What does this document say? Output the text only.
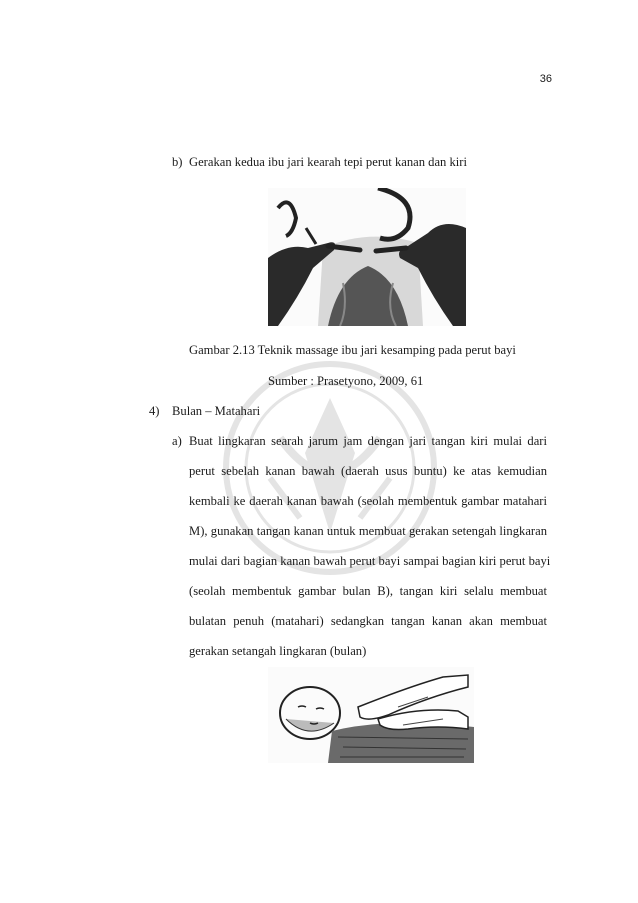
36
b) Gerakan kedua ibu jari kearah tepi perut kanan dan kiri
Gambar 2.13 Teknik massage ibu jari kesamping pada perut bayi
Sumber : Prasetyono, 2009, 61
4) Bulan – Matahari
a) Buat lingkaran searah jarum jam dengan jari tangan kiri mulai dari
perut sebelah kanan bawah (daerah usus buntu) ke atas kemudian
kembali ke daerah kanan bawah (seolah membentuk gambar matahari
M), gunakan tangan kanan untuk membuat gerakan setengah lingkaran
mulai dari bagian kanan bawah perut bayi sampai bagian kiri perut bayi
(seolah membentuk gambar bulan B), tangan kiri selalu membuat
bulatan penuh (matahari) sedangkan tangan kanan akan membuat
gerakan setangah lingkaran (bulan)
